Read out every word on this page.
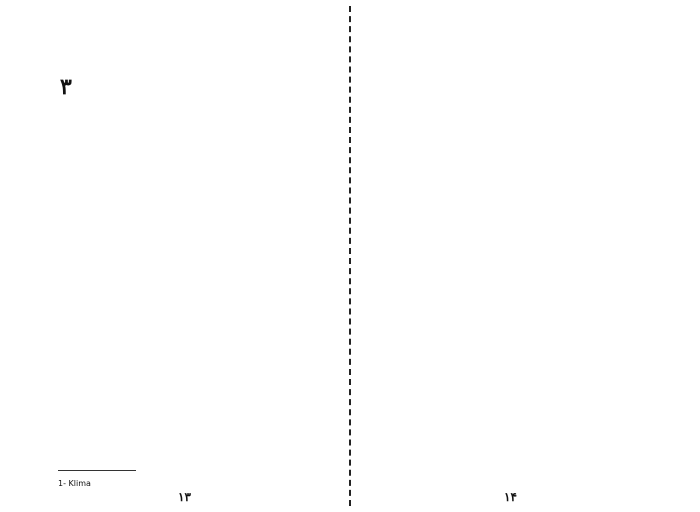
۳
1- Klima
۱۳	۱۴
